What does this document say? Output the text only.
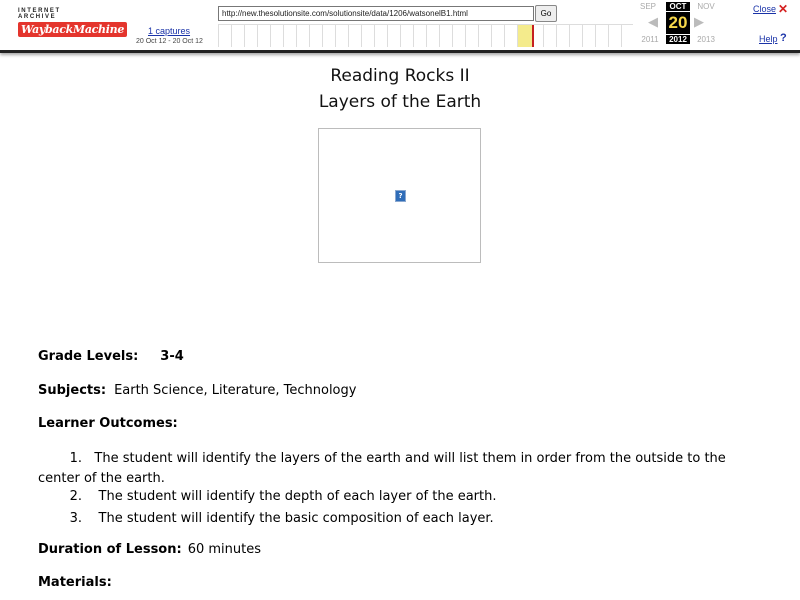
INTERNET ARCHIVE
WaybackMachine	1 captures
20 Oct 12 - 20 Oct 12
http://new.thesolutionsite.com/solutionsite/data/1206/watsonelB1.html	Go
SEP	OCT	NOV
◀ 20 ▶
2011	2012	2013
Close ✕
Help ?
Reading Rocks II
Layers of the Earth
?
Grade Levels: 3-4
Subjects: Earth Science, Literature, Technology
Learner Outcomes:
1. The student will identify the layers of the earth and will list them in order from the outside to the
center of the earth.
2. The student will identify the depth of each layer of the earth.
3. The student will identify the basic composition of each layer.
Duration of Lesson: 60 minutes
Materials:
